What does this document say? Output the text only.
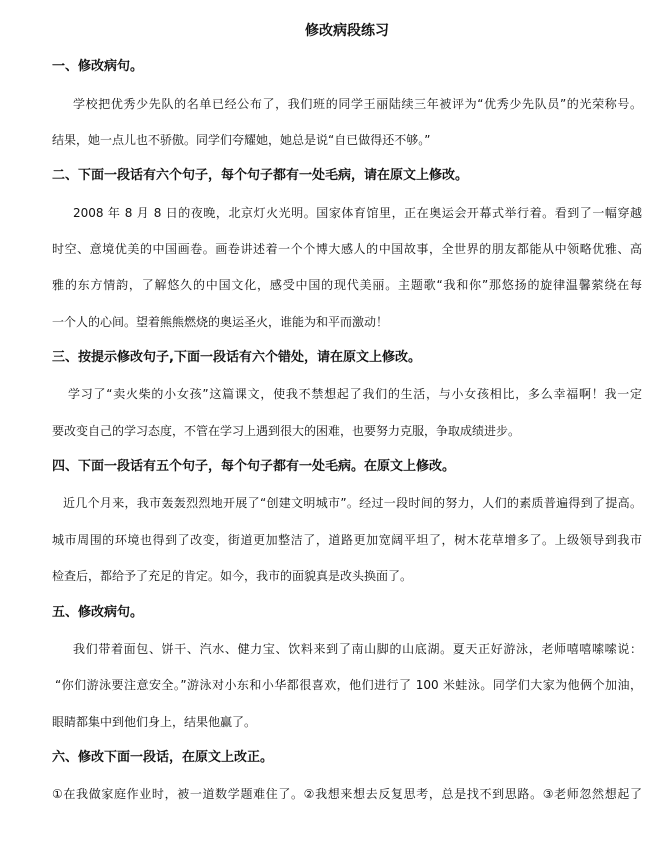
修改病段练习
一、修改病句。
学校把优秀少先队的名单已经公布了，我们班的同学王丽陆续三年被评为“优秀少先队员”的光荣称号。
结果，她一点儿也不骄傲。同学们夸耀她，她总是说“自已做得还不够。”
二、下面一段话有六个句子，每个句子都有一处毛病，请在原文上修改。
2008 年 8 月 8 日的夜晚，北京灯火光明。国家体育馆里，正在奥运会开幕式举行着。看到了一幅穿越
时空、意境优美的中国画卷。画卷讲述着一个个博大感人的中国故事，全世界的朋友都能从中领略优雅、高
雅的东方情韵，了解悠久的中国文化，感受中国的现代美丽。主题歌“我和你”那悠扬的旋律温馨萦绕在每
一个人的心间。望着熊熊燃烧的奥运圣火，谁能为和平而激动！
三、按提示修改句子,下面一段话有六个错处，请在原文上修改。
学习了“卖火柴的小女孩”这篇课文，使我不禁想起了我们的生活，与小女孩相比，多么幸福啊！我一定
要改变自己的学习态度，不管在学习上遇到很大的困难，也要努力克服，争取成绩进步。
四、下面一段话有五个句子，每个句子都有一处毛病。在原文上修改。
近几个月来，我市轰轰烈烈地开展了“创建文明城市”。经过一段时间的努力，人们的素质普遍得到了提高。
城市周围的环境也得到了改变，街道更加整洁了，道路更加宽阔平坦了，树木花草增多了。上级领导到我市
检查后，都给予了充足的肯定。如今，我市的面貌真是改头换面了。
五、修改病句。
我们带着面包、饼干、汽水、健力宝、饮料来到了南山脚的山底湖。夏天正好游泳，老师嘻嘻嗦嗦说：
“你们游泳要注意安全。”游泳对小东和小华都很喜欢，他们进行了 100 米蛙泳。同学们大家为他俩个加油，
眼睛都集中到他们身上，结果他赢了。
六、修改下面一段话，在原文上改正。
①在我做家庭作业时，被一道数学题难住了。②我想来想去反复思考，总是找不到思路。③老师忽然想起了
